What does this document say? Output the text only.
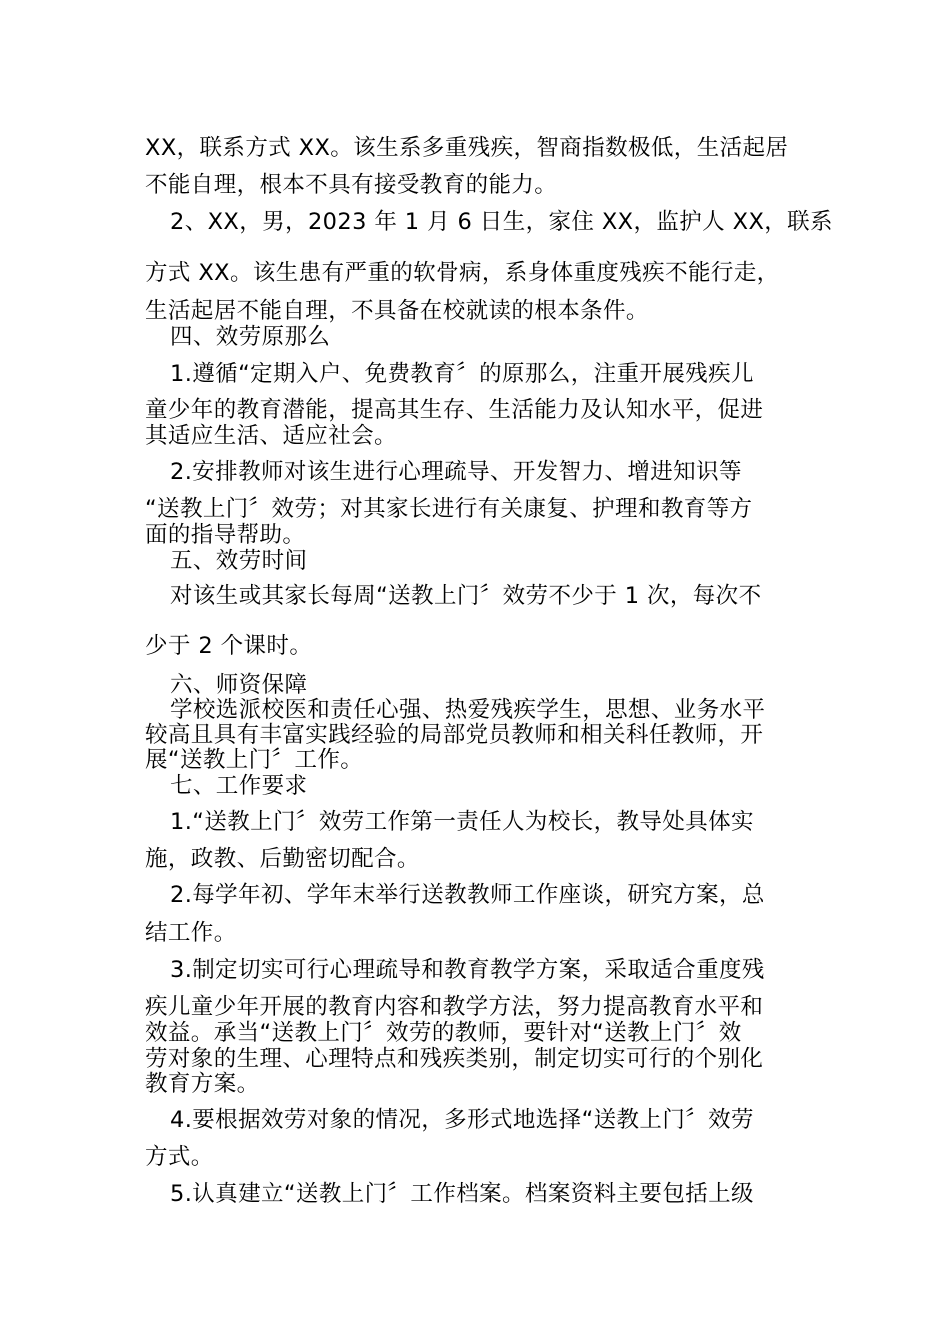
XX，联系方式 XX。该生系多重残疾，智商指数极低，生活起居
不能自理，根本不具有接受教育的能力。
2、XX，男，2023 年 1 月 6 日生，家住 XX，监护人 XX，联系
方式 XX。该生患有严重的软骨病，系身体重度残疾不能行走，
生活起居不能自理，不具备在校就读的根本条件。
四、效劳原那么
1.遵循“定期入户、免费教育〞的原那么，注重开展残疾儿
童少年的教育潜能，提高其生存、生活能力及认知水平，促进
其适应生活、适应社会。
2.安排教师对该生进行心理疏导、开发智力、增进知识等
“送教上门〞效劳；对其家长进行有关康复、护理和教育等方
面的指导帮助。
五、效劳时间
对该生或其家长每周“送教上门〞效劳不少于 1 次，每次不
少于 2 个课时。
六、师资保障
学校选派校医和责任心强、热爱残疾学生，思想、业务水平
较高且具有丰富实践经验的局部党员教师和相关科任教师，开
展“送教上门〞工作。
七、工作要求
1.“送教上门〞效劳工作第一责任人为校长，教导处具体实
施，政教、后勤密切配合。
2.每学年初、学年末举行送教教师工作座谈，研究方案，总
结工作。
3.制定切实可行心理疏导和教育教学方案，采取适合重度残
疾儿童少年开展的教育内容和教学方法，努力提高教育水平和
效益。承当“送教上门〞效劳的教师，要针对“送教上门〞效
劳对象的生理、心理特点和残疾类别，制定切实可行的个别化
教育方案。
4.要根据效劳对象的情况，多形式地选择“送教上门〞效劳
方式。
5.认真建立“送教上门〞工作档案。档案资料主要包括上级
